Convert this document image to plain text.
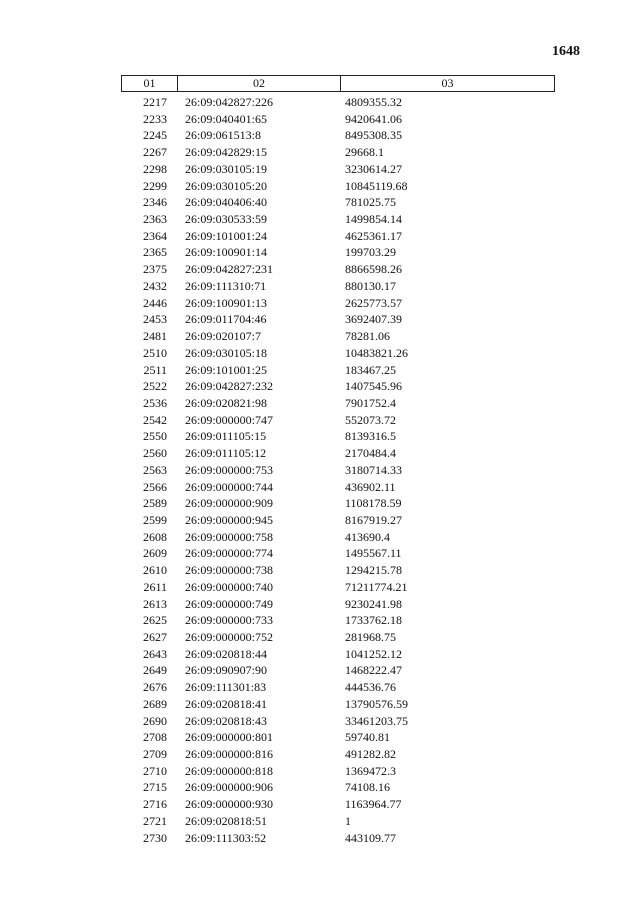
1648
01	02	03
2217	26:09:042827:226	4809355.32
2233	26:09:040401:65	9420641.06
2245	26:09:061513:8	8495308.35
2267	26:09:042829:15	29668.1
2298	26:09:030105:19	3230614.27
2299	26:09:030105:20	10845119.68
2346	26:09:040406:40	781025.75
2363	26:09:030533:59	1499854.14
2364	26:09:101001:24	4625361.17
2365	26:09:100901:14	199703.29
2375	26:09:042827:231	8866598.26
2432	26:09:111310:71	880130.17
2446	26:09:100901:13	2625773.57
2453	26:09:011704:46	3692407.39
2481	26:09:020107:7	78281.06
2510	26:09:030105:18	10483821.26
2511	26:09:101001:25	183467.25
2522	26:09:042827:232	1407545.96
2536	26:09:020821:98	7901752.4
2542	26:09:000000:747	552073.72
2550	26:09:011105:15	8139316.5
2560	26:09:011105:12	2170484.4
2563	26:09:000000:753	3180714.33
2566	26:09:000000:744	436902.11
2589	26:09:000000:909	1108178.59
2599	26:09:000000:945	8167919.27
2608	26:09:000000:758	413690.4
2609	26:09:000000:774	1495567.11
2610	26:09:000000:738	1294215.78
2611	26:09:000000:740	71211774.21
2613	26:09:000000:749	9230241.98
2625	26:09:000000:733	1733762.18
2627	26:09:000000:752	281968.75
2643	26:09:020818:44	1041252.12
2649	26:09:090907:90	1468222.47
2676	26:09:111301:83	444536.76
2689	26:09:020818:41	13790576.59
2690	26:09:020818:43	33461203.75
2708	26:09:000000:801	59740.81
2709	26:09:000000:816	491282.82
2710	26:09:000000:818	1369472.3
2715	26:09:000000:906	74108.16
2716	26:09:000000:930	1163964.77
2721	26:09:020818:51	1
2730	26:09:111303:52	443109.77
